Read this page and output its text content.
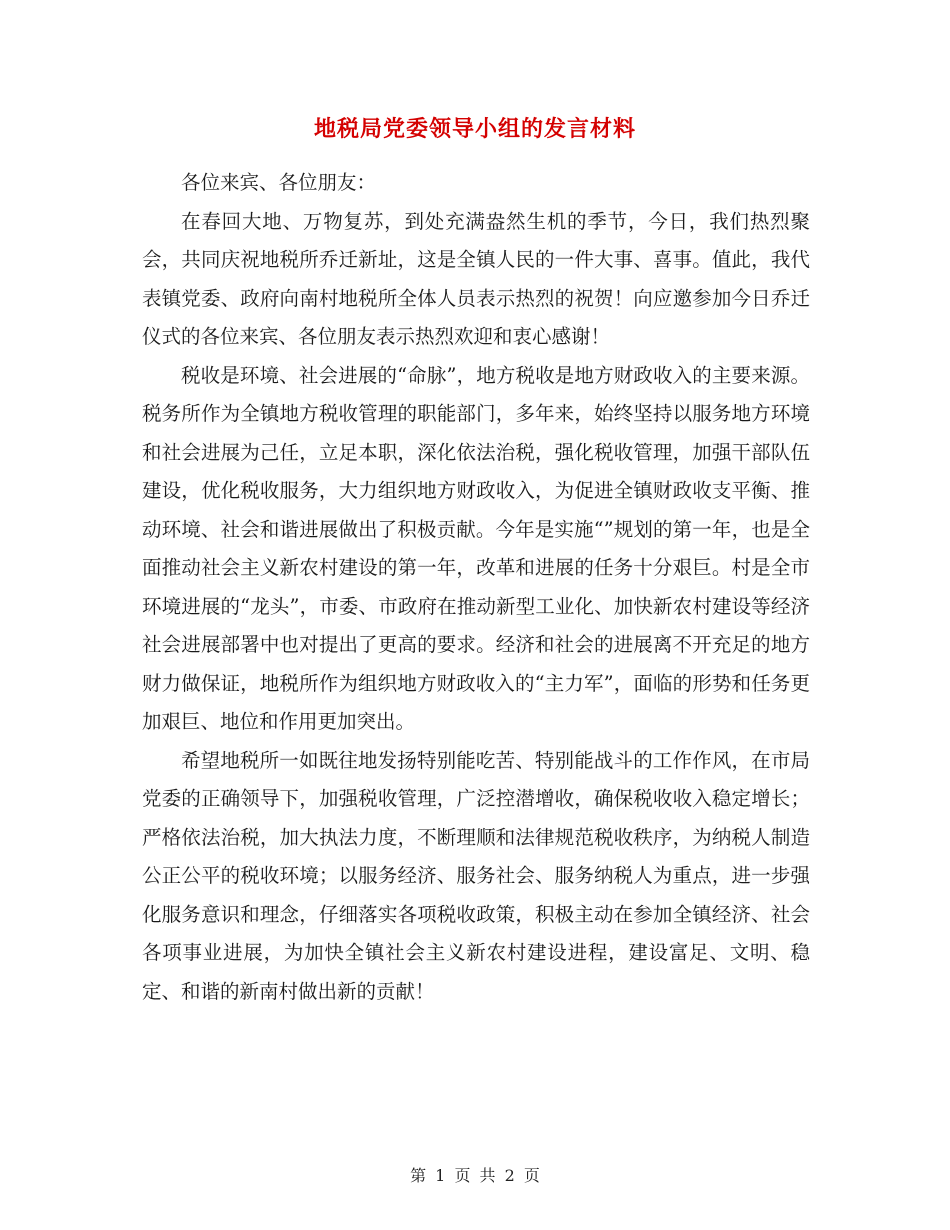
地税局党委领导小组的发言材料

各位来宾、各位朋友：

在春回大地、万物复苏，到处充满盎然生机的季节，今日，我们热烈聚会，共同庆祝地税所乔迁新址，这是全镇人民的一件大事、喜事。值此，我代表镇党委、政府向南村地税所全体人员表示热烈的祝贺！向应邀参加今日乔迁仪式的各位来宾、各位朋友表示热烈欢迎和衷心感谢！

税收是环境、社会进展的“命脉”，地方税收是地方财政收入的主要来源。税务所作为全镇地方税收管理的职能部门，多年来，始终坚持以服务地方环境和社会进展为己任，立足本职，深化依法治税，强化税收管理，加强干部队伍建设，优化税收服务，大力组织地方财政收入，为促进全镇财政收支平衡、推动环境、社会和谐进展做出了积极贡献。今年是实施“”规划的第一年，也是全面推动社会主义新农村建设的第一年，改革和进展的任务十分艰巨。村是全市环境进展的“龙头”，市委、市政府在推动新型工业化、加快新农村建设等经济社会进展部署中也对提出了更高的要求。经济和社会的进展离不开充足的地方财力做保证，地税所作为组织地方财政收入的“主力军”，面临的形势和任务更加艰巨、地位和作用更加突出。

希望地税所一如既往地发扬特别能吃苦、特别能战斗的工作作风，在市局党委的正确领导下，加强税收管理，广泛控潜增收，确保税收收入稳定增长；严格依法治税，加大执法力度，不断理顺和法律规范税收秩序，为纳税人制造公正公平的税收环境；以服务经济、服务社会、服务纳税人为重点，进一步强化服务意识和理念，仔细落实各项税收政策，积极主动在参加全镇经济、社会各项事业进展，为加快全镇社会主义新农村建设进程，建设富足、文明、稳定、和谐的新南村做出新的贡献！

第 1 页 共 2 页
